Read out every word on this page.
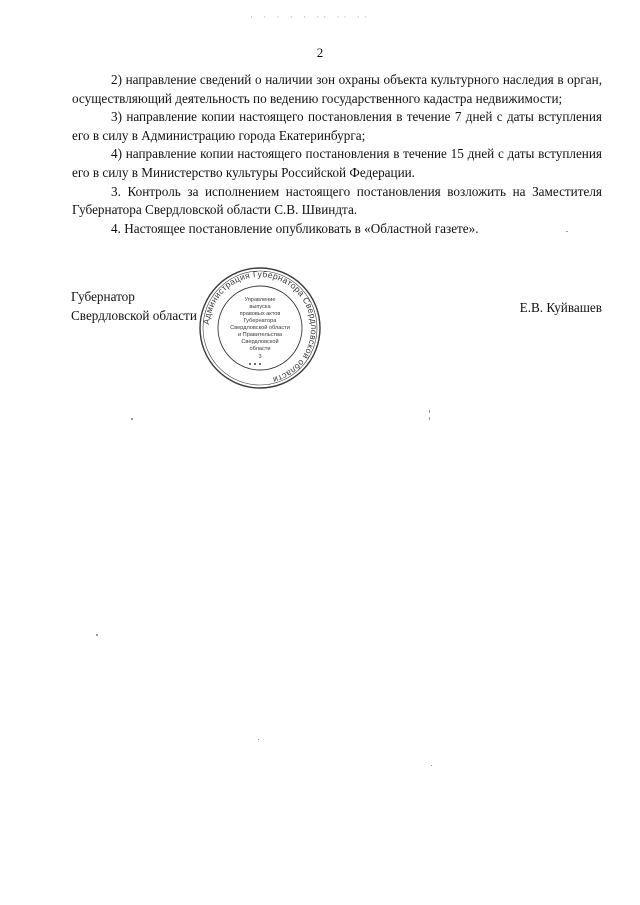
· · · · · ·· ·· ··
2

2) направление сведений о наличии зон охраны объекта культурного наследия в орган, осуществляющий деятельность по ведению государственного кадастра недвижимости;

3) направление копии настоящего постановления в течение 7 дней с даты вступления его в силу в Администрацию города Екатеринбурга;

4) направление копии настоящего постановления в течение 15 дней с даты вступления его в силу в Министерство культуры Российской Федерации.

3. Контроль за исполнением настоящего постановления возложить на Заместителя Губернатора Свердловской области С.В. Швиндта.

4. Настоящее постановление опубликовать в «Областной газете».

Губернатор
Свердловской области
Е.В. Куйвашев
Администрация Губернатора Свердловской области
Управление
выпуска
правовых актов
Губернатора
Свердловской области
и Правительства
Свердловской
области
3
